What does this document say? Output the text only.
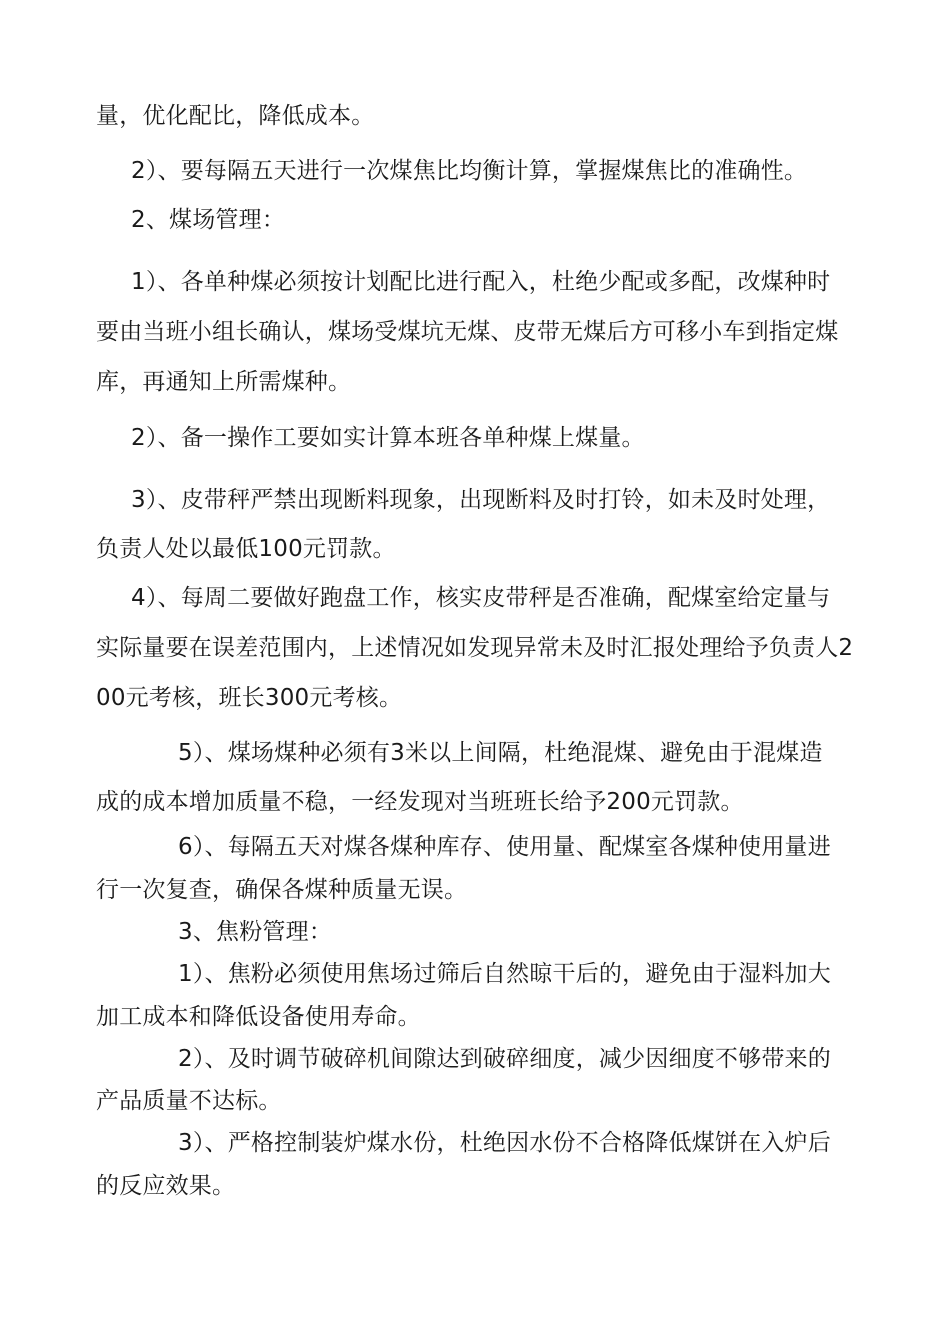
量，优化配比，降低成本。
2）、要每隔五天进行一次煤焦比均衡计算，掌握煤焦比的准确性。
2、煤场管理：
1）、各单种煤必须按计划配比进行配入，杜绝少配或多配，改煤种时
要由当班小组长确认，煤场受煤坑无煤、皮带无煤后方可移小车到指定煤
库，再通知上所需煤种。
2）、备一操作工要如实计算本班各单种煤上煤量。
3）、皮带秤严禁出现断料现象，出现断料及时打铃，如未及时处理，
负责人处以最低100元罚款。
4）、每周二要做好跑盘工作，核实皮带秤是否准确，配煤室给定量与
实际量要在误差范围内，上述情况如发现异常未及时汇报处理给予负责人2
00元考核，班长300元考核。
5）、煤场煤种必须有3米以上间隔，杜绝混煤、避免由于混煤造
成的成本增加质量不稳，一经发现对当班班长给予200元罚款。
6）、每隔五天对煤各煤种库存、使用量、配煤室各煤种使用量进
行一次复查，确保各煤种质量无误。
3、焦粉管理：
1）、焦粉必须使用焦场过筛后自然晾干后的，避免由于湿料加大
加工成本和降低设备使用寿命。
2）、及时调节破碎机间隙达到破碎细度，减少因细度不够带来的
产品质量不达标。
3）、严格控制装炉煤水份，杜绝因水份不合格降低煤饼在入炉后
的反应效果。
